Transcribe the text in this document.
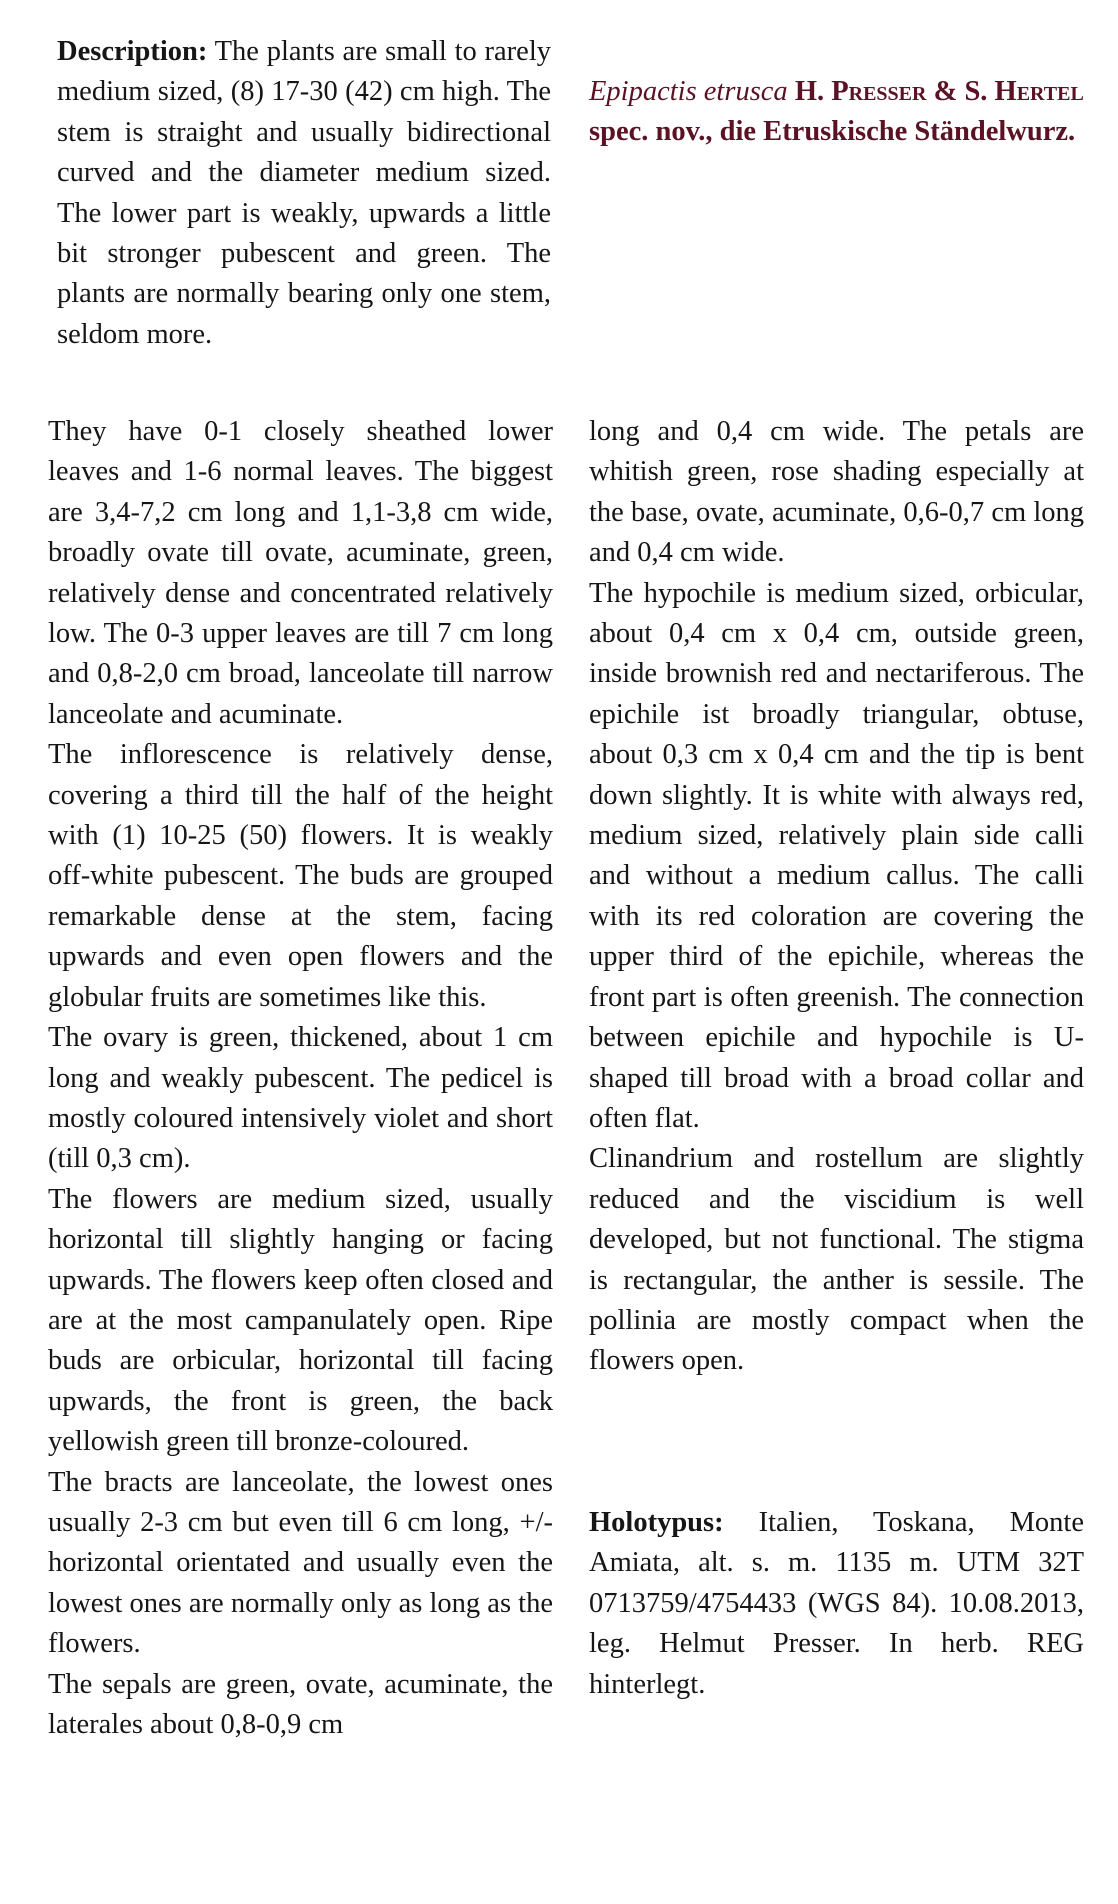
Description: The plants are small to rarely medium sized, (8) 17-30 (42) cm high. The stem is straight and usually bidirectional curved and the diameter medium sized. The lower part is weakly, upwards a little bit stronger pubescent and green. The plants are normally bearing only one stem, seldom more.

Epipactis etrusca H. Presser & S. Hertel spec. nov., die Etruskische Ständelwurz.

They have 0-1 closely sheathed lower leaves and 1-6 normal leaves. The biggest are 3,4-7,2 cm long and 1,1-3,8 cm wide, broadly ovate till ovate, acuminate, green, relatively dense and concentrated relatively low. The 0-3 upper leaves are till 7 cm long and 0,8-2,0 cm broad, lanceolate till narrow lanceolate and acuminate.

The inflorescence is relatively dense, covering a third till the half of the height with (1) 10-25 (50) flowers. It is weakly off-white pubescent. The buds are grouped remarkable dense at the stem, facing upwards and even open flowers and the globular fruits are sometimes like this.

The ovary is green, thickened, about 1 cm long and weakly pubescent. The pedicel is mostly coloured intensively violet and short (till 0,3 cm).

The flowers are medium sized, usually horizontal till slightly hanging or facing upwards. The flowers keep often closed and are at the most campanulately open. Ripe buds are orbicular, horizontal till facing upwards, the front is green, the back yellowish green till bronze-coloured.

The bracts are lanceolate, the lowest ones usually 2-3 cm but even till 6 cm long, +/- horizontal orientated and usually even the lowest ones are normally only as long as the flowers.

The sepals are green, ovate, acuminate, the laterales about 0,8-0,9 cm

long and 0,4 cm wide. The petals are whitish green, rose shading especially at the base, ovate, acuminate, 0,6-0,7 cm long and 0,4 cm wide.

The hypochile is medium sized, orbicular, about 0,4 cm x 0,4 cm, outside green, inside brownish red and nectariferous. The epichile ist broadly triangular, obtuse, about 0,3 cm x 0,4 cm and the tip is bent down slightly. It is white with always red, medium sized, relatively plain side calli and without a medium callus. The calli with its red coloration are covering the upper third of the epichile, whereas the front part is often greenish. The connection between epichile and hypochile is U-shaped till broad with a broad collar and often flat.

Clinandrium and rostellum are slightly reduced and the viscidium is well developed, but not functional. The stigma is rectangular, the anther is sessile. The pollinia are mostly compact when the flowers open.

Holotypus: Italien, Toskana, Monte Amiata, alt. s. m. 1135 m. UTM 32T 0713759/4754433 (WGS 84). 10.08.2013, leg. Helmut Presser. In herb. REG hinterlegt.
